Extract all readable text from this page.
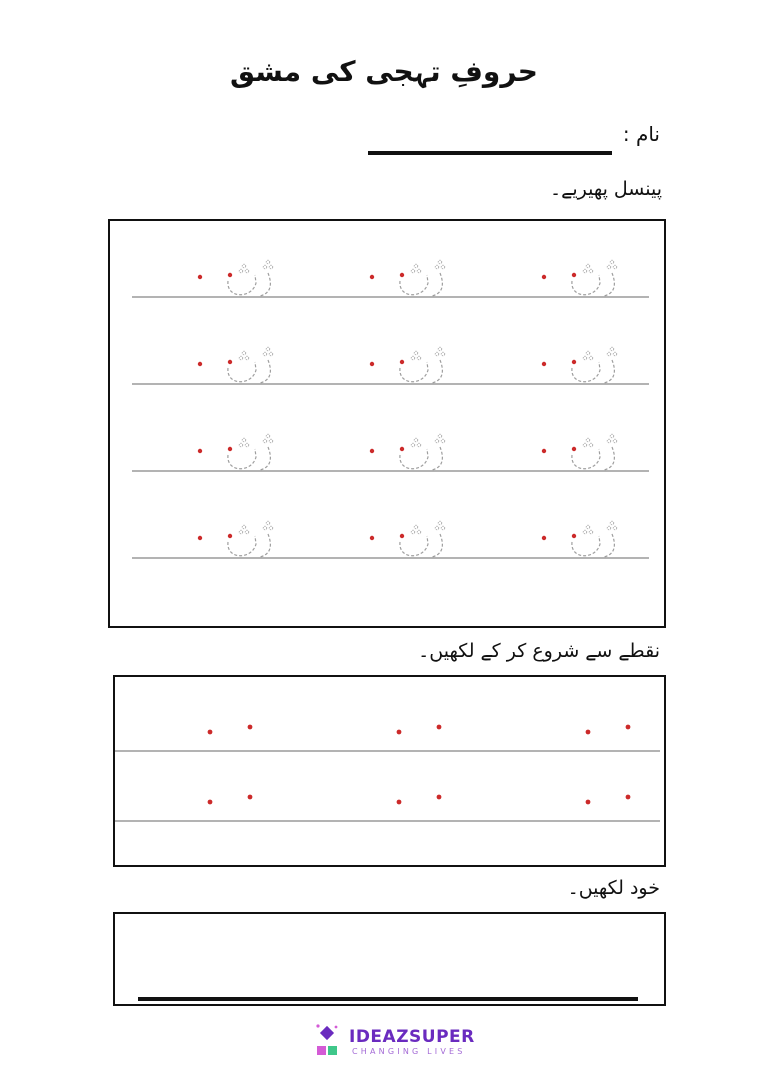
حروفِ تہجی کی مشق
نام :
پینسل پھیریے۔
نقطے سے شروع کر کے لکھیں۔
خود لکھیں۔
IDEAZSUPER
CHANGING LIVES
